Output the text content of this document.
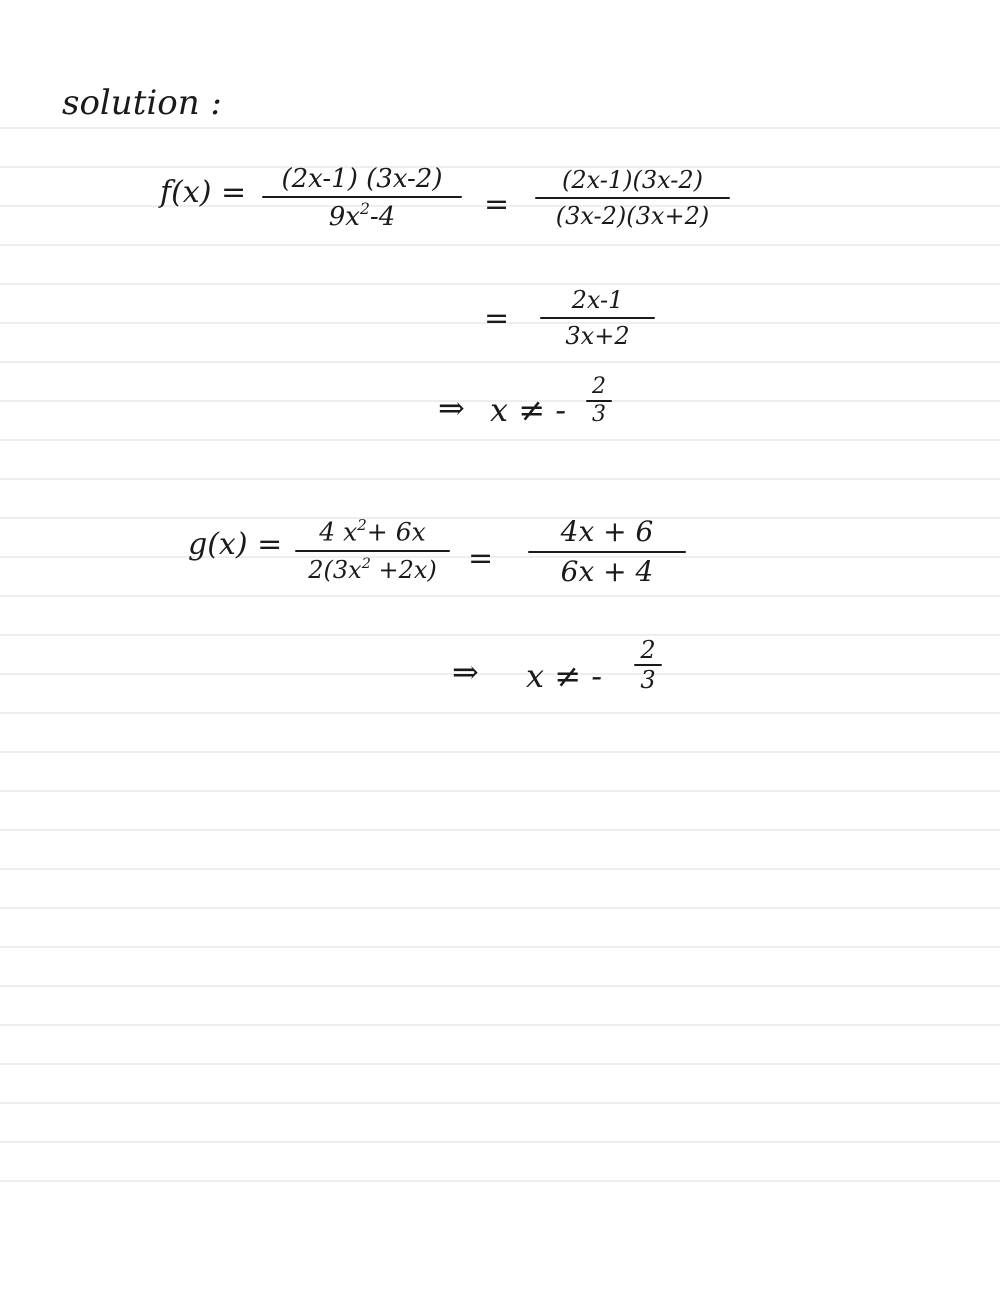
solution :
f(x) =	(2x-1) (3x-2)
$9x^2-4$	=
(2x-1)(3x-2)
(3x-2)(3x+2)
=
2x-1
3x+2
⇒ x ≠ -
2
3
g(x) =	4 $x^2+ 6x$
$2(3x^2 +2x)$	=
4x + 6
6x + 4
⇒ x ≠ -
2
3
